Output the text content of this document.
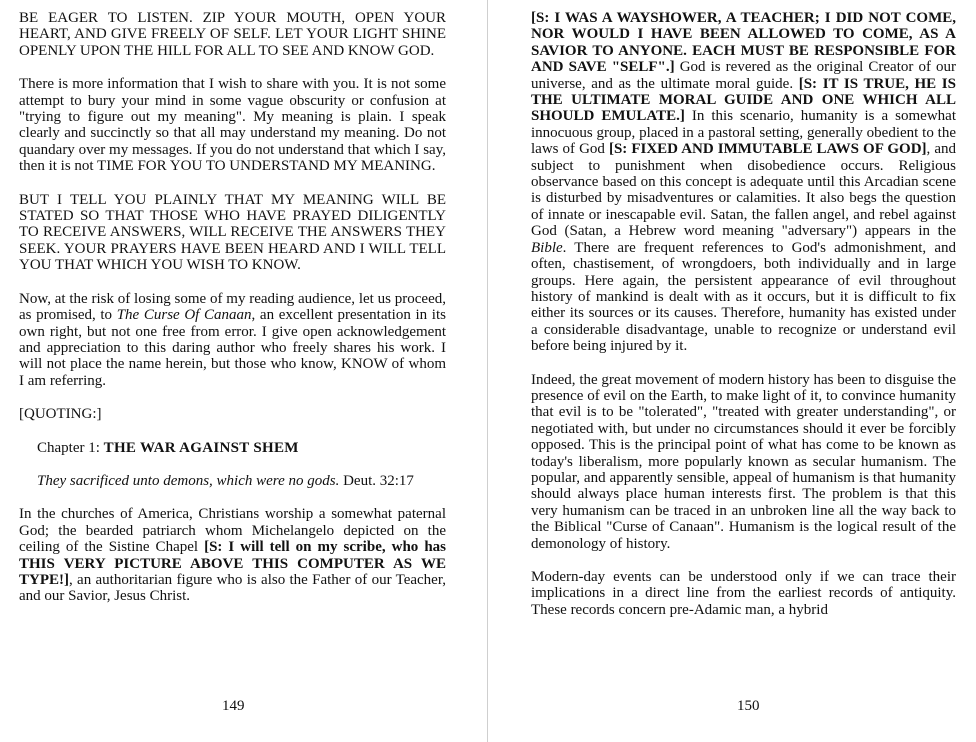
BE EAGER TO LISTEN. ZIP YOUR MOUTH, OPEN YOUR HEART, AND GIVE FREELY OF SELF. LET YOUR LIGHT SHINE OPENLY UPON THE HILL FOR ALL TO SEE AND KNOW GOD.

There is more information that I wish to share with you. It is not some attempt to bury your mind in some vague obscurity or confusion at "trying to figure out my meaning". My meaning is plain. I speak clearly and succinctly so that all may understand my meaning. Do not quandary over my messages. If you do not understand that which I say, then it is not TIME FOR YOU TO UNDERSTAND MY MEANING.

BUT I TELL YOU PLAINLY THAT MY MEANING WILL BE STATED SO THAT THOSE WHO HAVE PRAYED DILIGENTLY TO RECEIVE ANSWERS, WILL RECEIVE THE ANSWERS THEY SEEK. YOUR PRAYERS HAVE BEEN HEARD AND I WILL TELL YOU THAT WHICH YOU WISH TO KNOW.

Now, at the risk of losing some of my reading audience, let us proceed, as promised, to The Curse Of Canaan, an excellent presentation in its own right, but not one free from error. I give open acknowledgement and appreciation to this daring author who freely shares his work. I will not place the name herein, but those who know, KNOW of whom I am referring.

[QUOTING:]

Chapter 1: THE WAR AGAINST SHEM

They sacrificed unto demons, which were no gods. Deut. 32:17

In the churches of America, Christians worship a somewhat paternal God; the bearded patriarch whom Michelangelo depicted on the ceiling of the Sistine Chapel [S: I will tell on my scribe, who has THIS VERY PICTURE ABOVE THIS COMPUTER AS WE TYPE!], an authoritarian figure who is also the Father of our Teacher, and our Savior, Jesus Christ.

149

[S: I WAS A WAYSHOWER, A TEACHER; I DID NOT COME, NOR WOULD I HAVE BEEN ALLOWED TO COME, AS A SAVIOR TO ANYONE. EACH MUST BE RESPONSIBLE FOR AND SAVE "SELF".] God is revered as the original Creator of our universe, and as the ultimate moral guide. [S: IT IS TRUE, HE IS THE ULTIMATE MORAL GUIDE AND ONE WHICH ALL SHOULD EMULATE.] In this scenario, humanity is a somewhat innocuous group, placed in a pastoral setting, generally obedient to the laws of God [S: FIXED AND IMMUTABLE LAWS OF GOD], and subject to punishment when disobedience occurs. Religious observance based on this concept is adequate until this Arcadian scene is disturbed by misadventures or calamities. It also begs the question of innate or inescapable evil. Satan, the fallen angel, and rebel against God (Satan, a Hebrew word meaning "adversary") appears in the Bible. There are frequent references to God's admonishment, and often, chastisement, of wrongdoers, both individually and in large groups. Here again, the persistent appearance of evil throughout history of mankind is dealt with as it occurs, but it is difficult to fix either its sources or its causes. Therefore, humanity has existed under a considerable disadvantage, unable to recognize or understand evil before being injured by it.

Indeed, the great movement of modern history has been to disguise the presence of evil on the Earth, to make light of it, to convince humanity that evil is to be "tolerated", "treated with greater understanding", or negotiated with, but under no circumstances should it ever be forcibly opposed. This is the principal point of what has come to be known as today's liberalism, more popularly known as secular humanism. The popular, and apparently sensible, appeal of humanism is that humanity should always place human interests first. The problem is that this very humanism can be traced in an unbroken line all the way back to the Biblical "Curse of Canaan". Humanism is the logical result of the demonology of history.

Modern-day events can be understood only if we can trace their implications in a direct line from the earliest records of antiquity. These records concern pre-Adamic man, a hybrid

150
